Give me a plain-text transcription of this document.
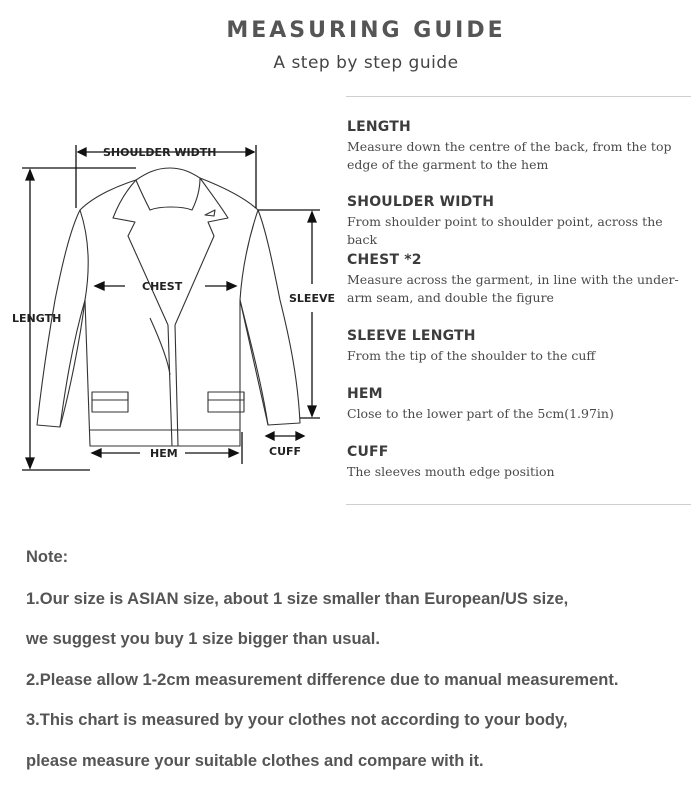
MEASURING GUIDE
A step by step guide
SHOULDER WIDTH
LENGTH
CHEST
SLEEVE
HEM	CUFF
LENGTH
Measure down the centre of the back, from the top edge of the garment to the hem
SHOULDER WIDTH
From shoulder point to shoulder point, across the back
CHEST *2
Measure across the garment, in line with the under-arm seam, and double the figure
SLEEVE LENGTH
From the tip of the shoulder to the cuff
HEM
Close to the lower part of the 5cm(1.97in)
CUFF
The sleeves mouth edge position
Note:
1.Our size is ASIAN size, about 1 size smaller than European/US size,
we suggest you buy 1 size bigger than usual.
2.Please allow 1-2cm measurement difference due to manual measurement.
3.This chart is measured by your clothes not according to your body,
please measure your suitable clothes and compare with it.
